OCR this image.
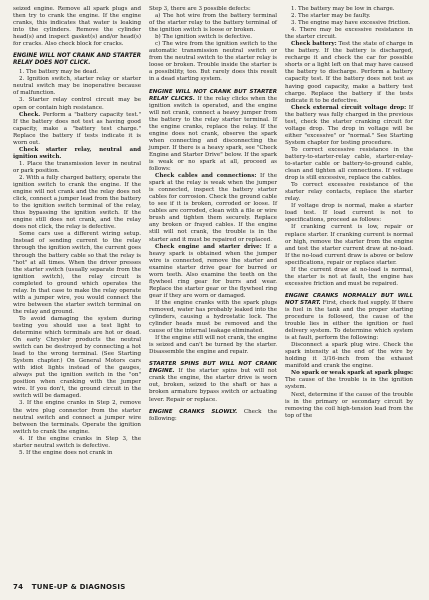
seized engine. Remove all spark plugs and then try to crank the engine. If the engine cranks, this indicates that water is leaking into the cylinders. Remove the cylinder head(s) and inspect gasket(s) and/or head(s) for cracks. Also check block for cracks.

ENGINE WILL NOT CRANK AND STARTER RELAY DOES NOT CLICK.

1. The battery may be dead.

2. Ignition switch, starter relay or starter neutral switch may be inoperative because of malfunction.

3. Starter relay control circuit may be open or contain high resistance.

Check. Perform a "battery capacity test." If the battery does not test as having good capacity, make a "battery test charge." Replace the battery if tests indicate it is worn out.

Check starter relay, neutral and ignition switch.

1. Place the transmission lever in neutral or park position.

2. With a fully charged battery, operate the ignition switch to crank the engine. If the engine will not crank and the relay does not click, connect a jumper lead from the battery to the ignition switch terminal of the relay, thus bypassing the ignition switch. If the engine still does not crank, and the relay does not click, the relay is defective.

Some cars use a different wiring setup. Instead of sending current to the relay through the ignition switch, the current goes through the battery cable so that the relay is "hot" at all times. When the driver presses the starter switch (usually separate from the ignition switch), the relay circuit is completed to ground which operates the relay. In that case to make the relay operate with a jumper wire, you would connect the wire between the starter switch terminal on the relay and ground.

To avoid damaging the system during testing you should use a test light to determine which terminals are hot or dead. On early Chrysler products the neutral switch can be destroyed by connecting a hot lead to the wrong terminal. (See Starting System chapter.) On General Motors cars with idiot lights instead of the gauges, always put the ignition switch in the "on" position when cranking with the jumper wire. If you don't, the ground circuit in the switch will be damaged.

3. If the engine cranks in Step 2, remove the wire plug connector from the starter neutral switch and connect a jumper wire between the terminals. Operate the ignition switch to crank the engine.

4. If the engine cranks in Step 3, the starter neutral switch is defective.

5. If the engine does not crank in

Step 3, there are 3 possible defects:

a) The hot wire from the battery terminal of the starter relay to the battery terminal of the ignition switch is loose or broken.

b) The ignition switch is defective.

c) The wire from the ignition switch to the automatic transmission neutral switch or from the neutral switch to the starter relay is loose or broken. Trouble inside the starter is a possibility, too. But rarely does this result in a dead starting system.

ENGINE WILL NOT CRANK BUT STARTER RELAY CLICKS. If the relay clicks when the ignition switch is operated, and the engine will not crank, connect a heavy jumper from the battery to the relay starter terminal. If the engine cranks, replace the relay. If the engine does not crank, observe the spark when connecting and disconnecting the jumper. If there is a heavy spark, see "Check Engine and Starter Drive" below. If the spark is weak or no spark at all, proceed as follows:

Check cables and connections: If the spark at the relay is weak when the jumper is connected, inspect the battery starter cables for corrosion. Check the ground cable to see if it is broken, corroded or loose. If cables are corroded, clean with a file or wire brush and tighten them securely. Replace any broken or frayed cables. If the engine still will not crank, the trouble is in the starter and it must be repaired or replaced.

Check engine and starter drive: If a heavy spark is obtained when the jumper wire is connected, remove the starter and examine starter drive gear for burred or worn teeth. Also examine the teeth on the flywheel ring gear for burrs and wear. Replace the starter gear or the flywheel ring gear if they are worn or damaged.

If the engine cranks with the spark plugs removed, water has probably leaked into the cylinders, causing a hydrostatic lock. The cylinder heads must be removed and the cause of the internal leakage eliminated.

If the engine still will not crank, the engine is seized and can't be turned by the starter. Disassemble the engine and repair.

STARTER SPINS BUT WILL NOT CRANK ENGINE. If the starter spins but will not crank the engine, the starter drive is worn out, broken, seized to the shaft or has a broken armature bypass switch or actuating lever. Repair or replace.

ENGINE CRANKS SLOWLY. Check the following:

1. The battery may be low in charge.

2. The starter may be faulty.

3. The engine may have excessive friction.

4. There may be excessive resistance in the starter circuit.

Check battery: Test the state of charge in the battery. If the battery is discharged, recharge it and check the car for possible shorts or a light left on that may have caused the battery to discharge. Perform a battery capacity test. If the battery does not test as having good capacity, make a battery test charge. Replace the battery if the tests indicate it to be defective.

Check external circuit voltage drop: If the battery was fully charged in the previous test, check the starter cranking circuit for voltage drop. The drop in voltage will be either "excessive" or "normal." See Starting System chapter for testing procedure.

To correct excessive resistance in the battery-to-starter-relay cable, starter-relay-to-starter cable or battery-to-ground cable, clean and tighten all connections. If voltage drop is still excessive, replace the cables.

To correct excessive resistance of the starter relay contacts, replace the starter relay.

If voltage drop is normal, make a starter load test. If load current is not to specifications, proceed as follows:

If cranking current is low, repair or replace starter. If cranking current is normal or high, remove the starter from the engine and test the starter current draw at no-load. If the no-load current draw is above or below specifications, repair or replace starter.

If the current draw at no-load is normal, the starter is not at fault, the engine has excessive friction and must be repaired.

ENGINE CRANKS NORMALLY BUT WILL NOT START. First, check fuel supply. If there is fuel in the tank and the proper starting procedure is followed, the cause of the trouble lies in either the ignition or fuel delivery system. To determine which system is at fault, perform the following:

Disconnect a spark plug wire. Check the spark intensity at the end of the wire by holding it 3/16-inch from the exhaust manifold and crank the engine.

No spark or weak spark at spark plugs: The cause of the trouble is in the ignition system.

Next, determine if the cause of the trouble is in the primary or secondary circuit by removing the coil high-tension lead from the top of the

74 TUNE-UP & DIAGNOSIS
